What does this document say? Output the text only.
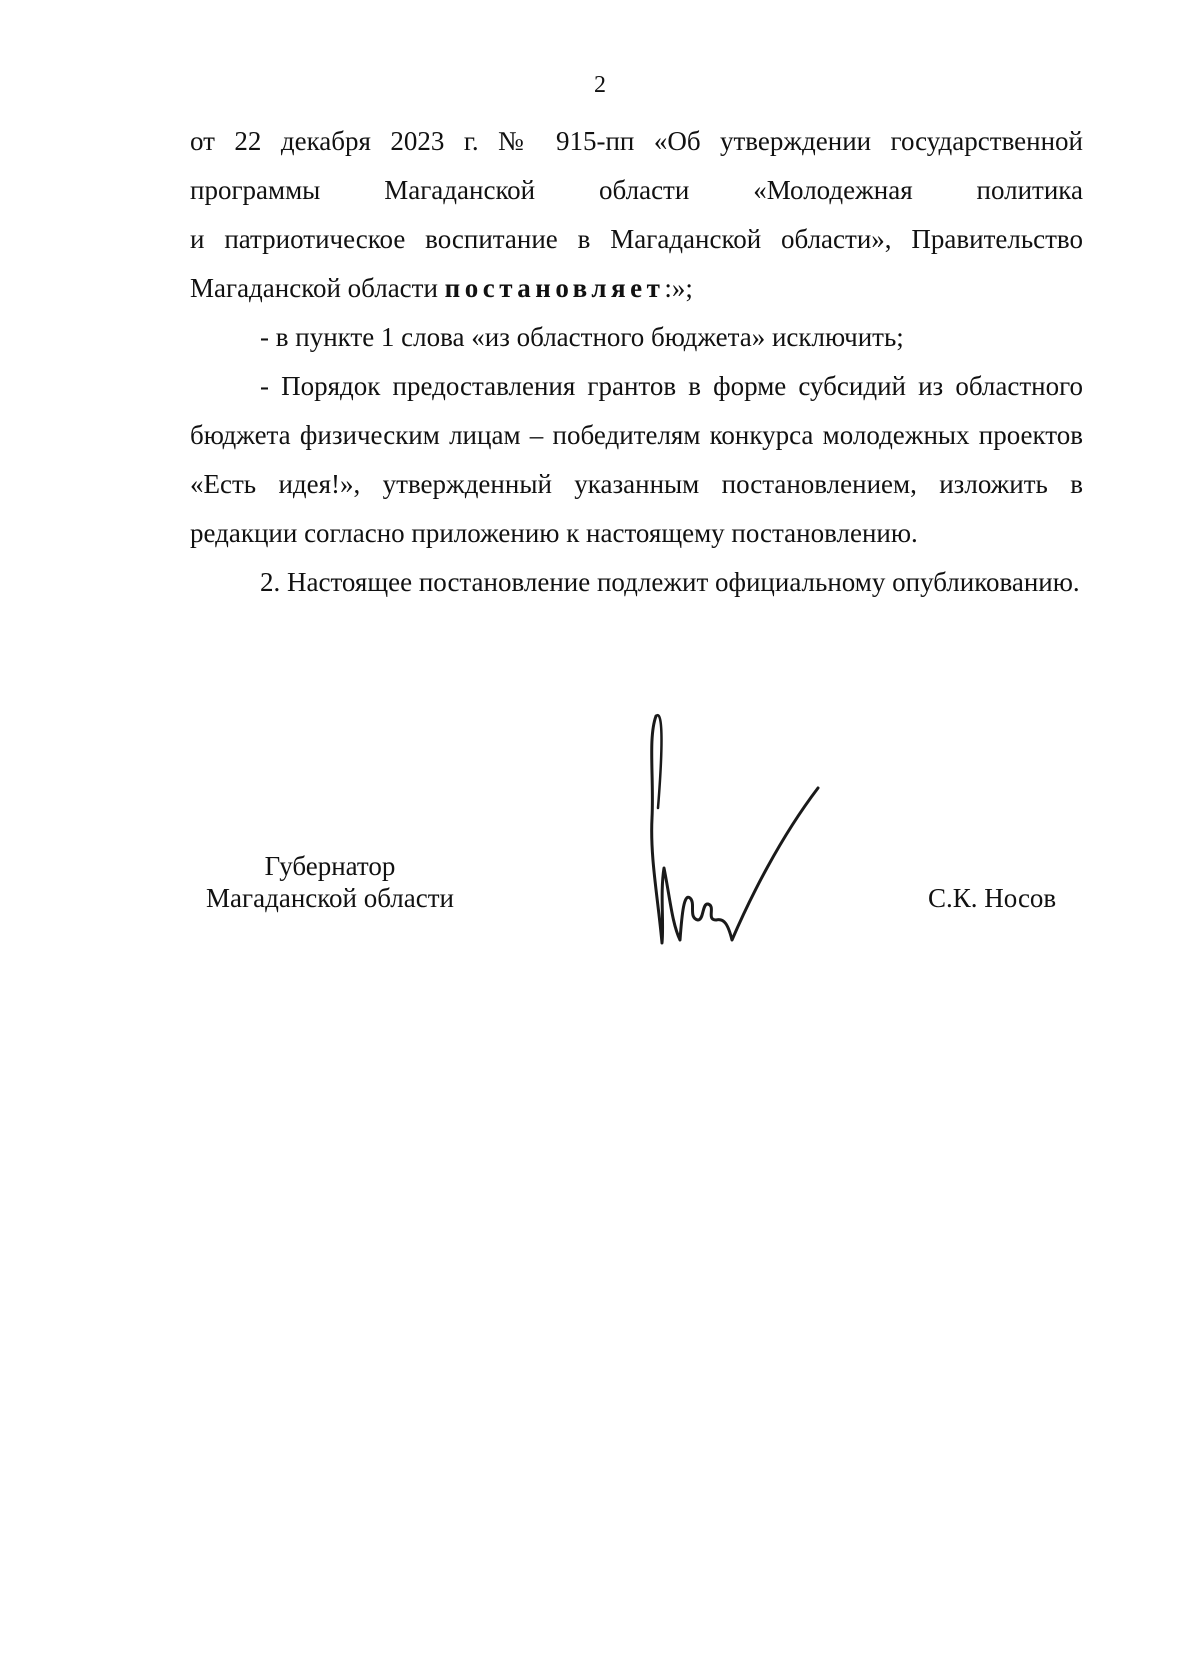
2

от 22 декабря 2023 г. № 915-пп «Об утверждении государственной

программы Магаданской области «Молодежная политика

и патриотическое воспитание в Магаданской области», Правительство

Магаданской области постановляет:»;

- в пункте 1 слова «из областного бюджета» исключить;

- Порядок предоставления грантов в форме субсидий из областного бюджета физическим лицам – победителям конкурса молодежных проектов «Есть идея!», утвержденный указанным постановлением, изложить в редакции согласно приложению к настоящему постановлению.

2. Настоящее постановление подлежит официальному опубликованию.

Губернатор
Магаданской области	С.К. Носов
